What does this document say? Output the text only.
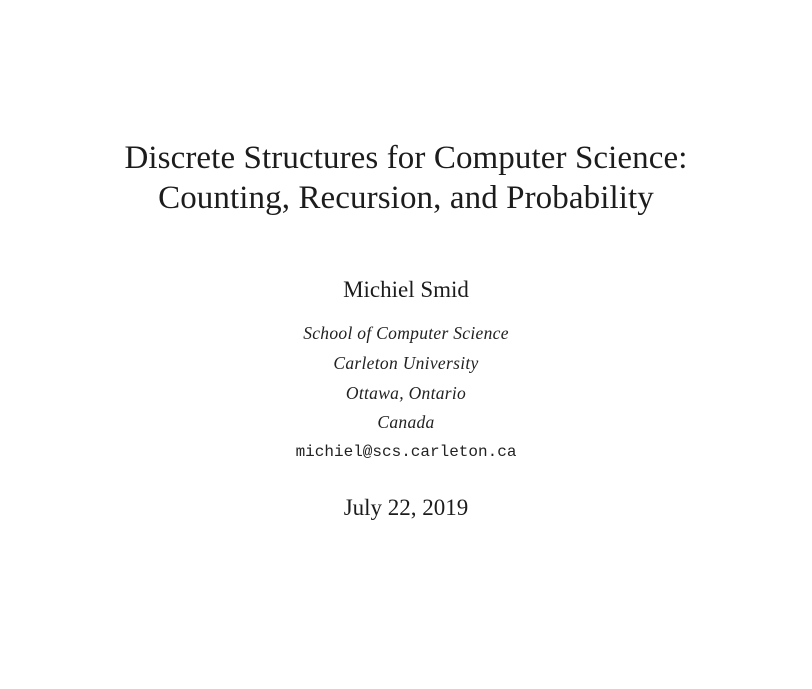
Discrete Structures for Computer Science:
Counting, Recursion, and Probability
Michiel Smid
School of Computer Science
Carleton University
Ottawa, Ontario
Canada
michiel@scs.carleton.ca
July 22, 2019
